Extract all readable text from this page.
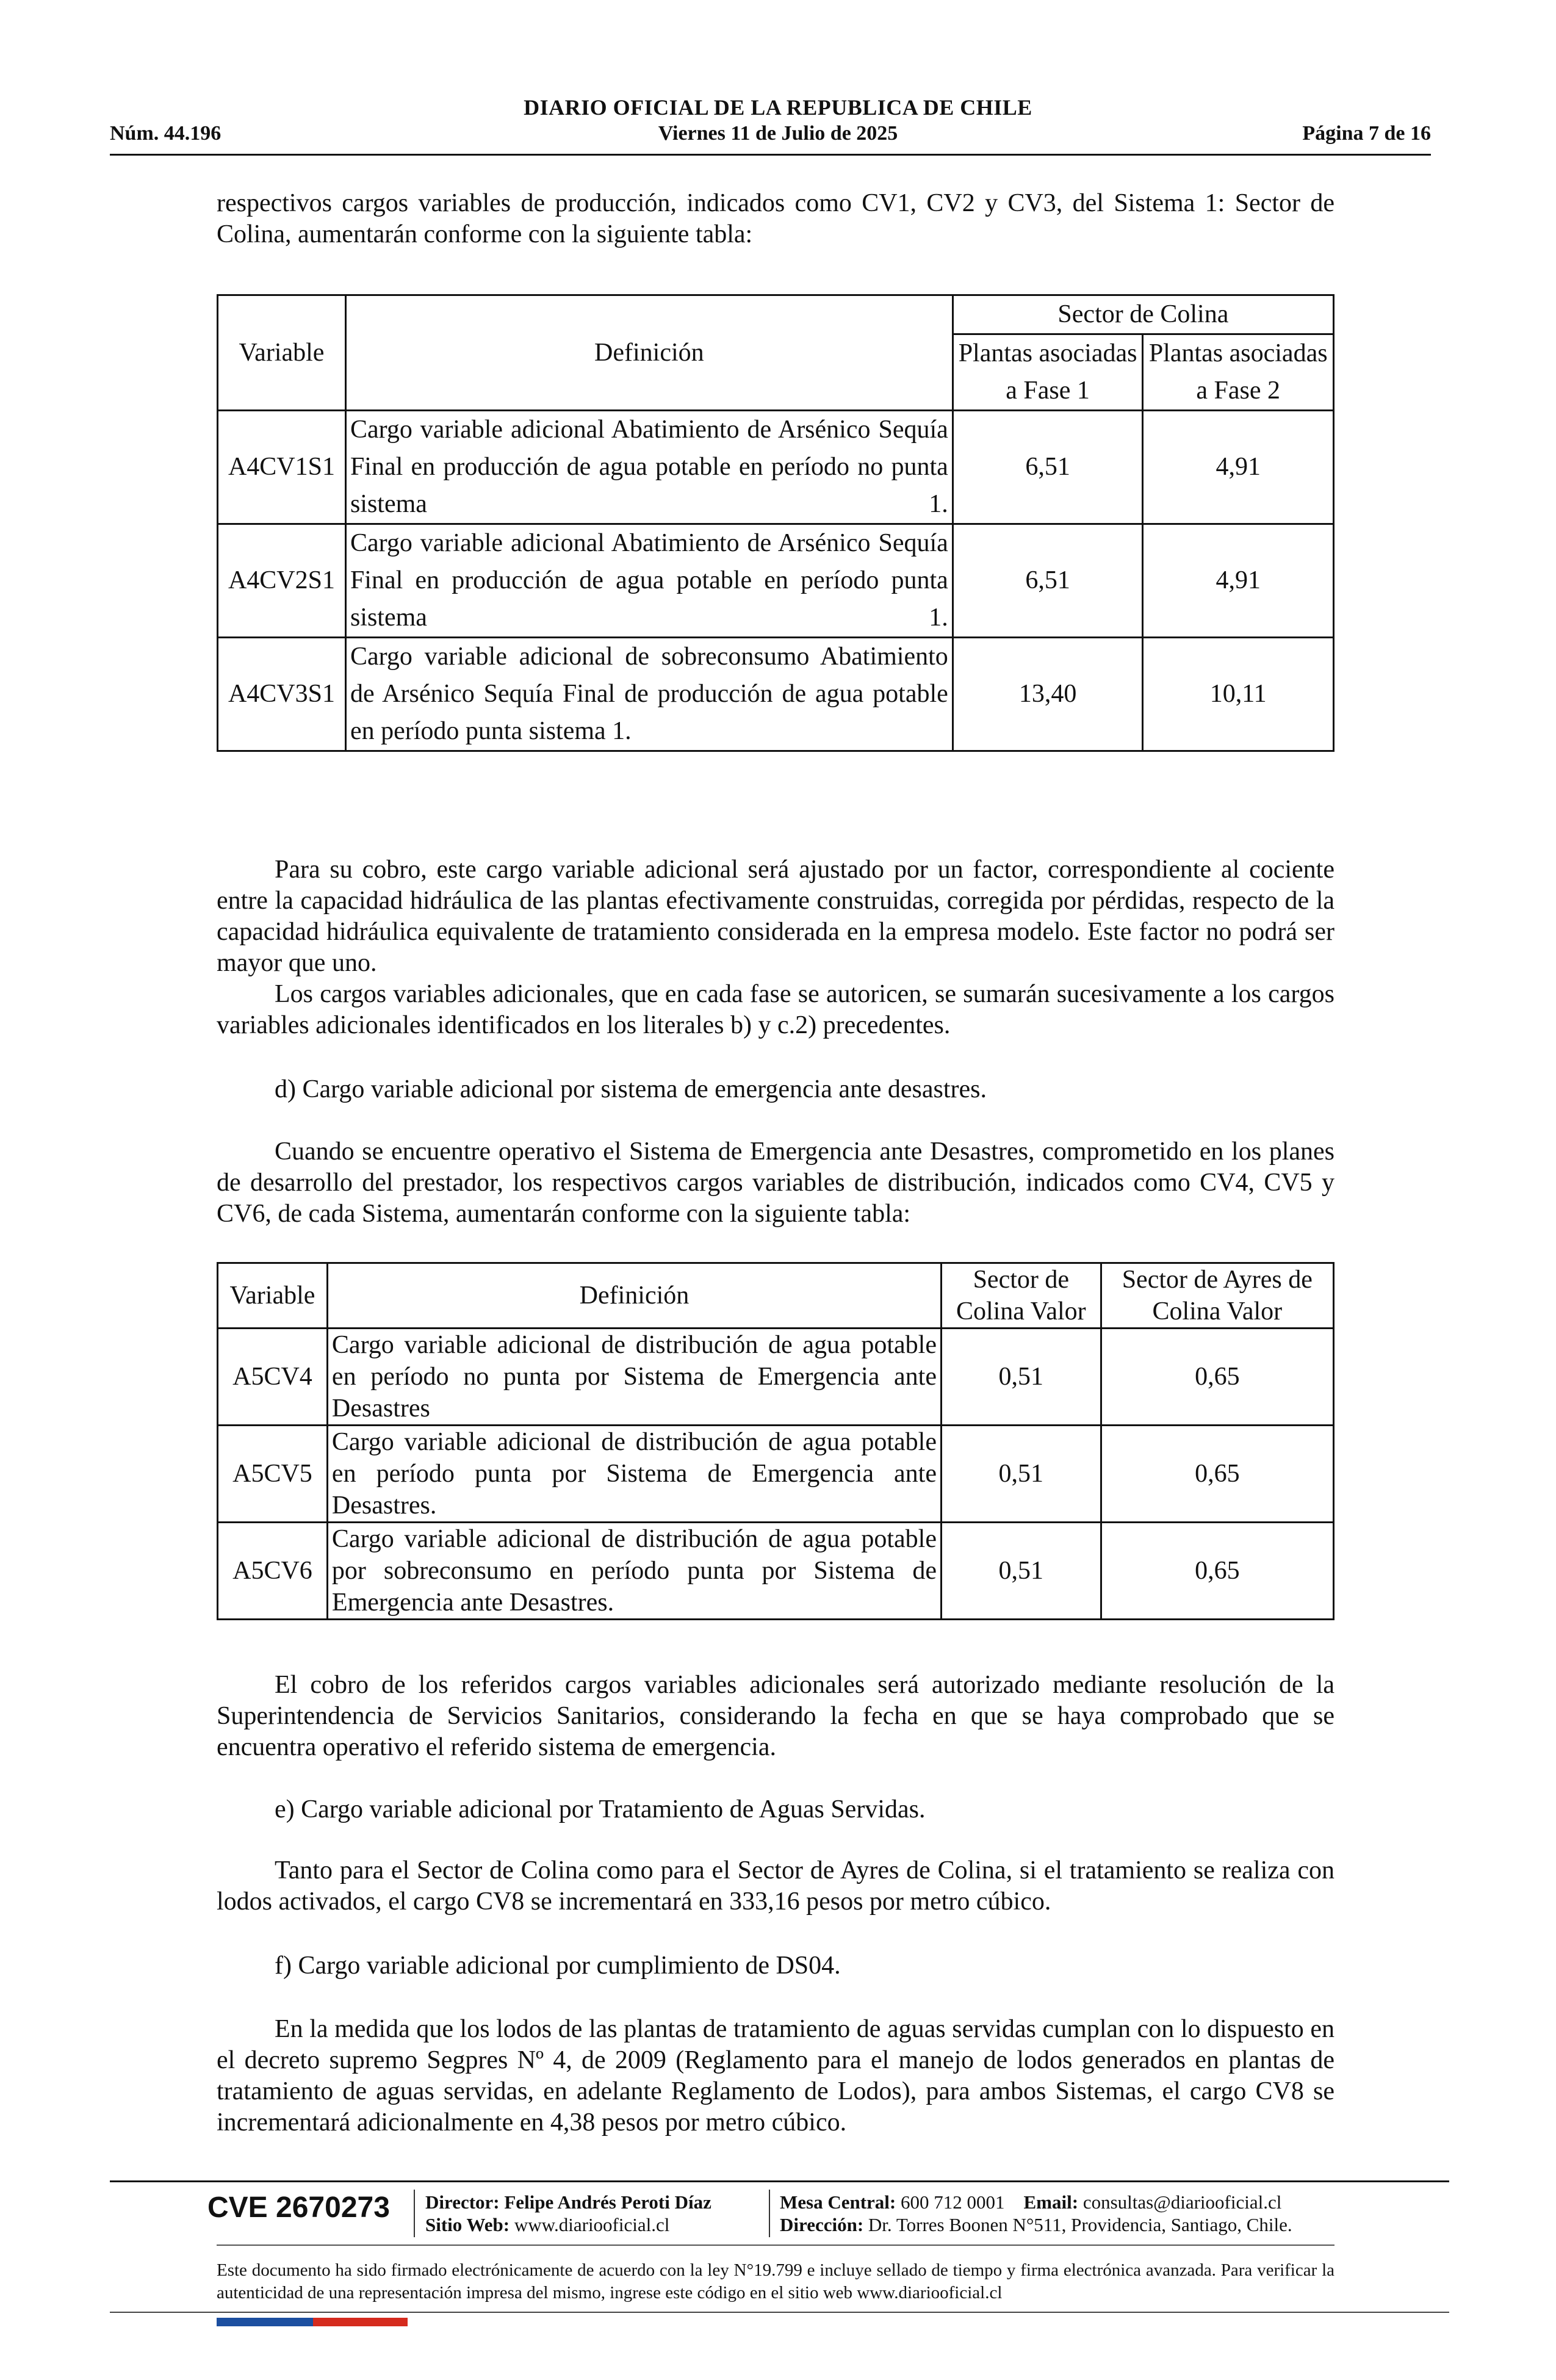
DIARIO OFICIAL DE LA REPUBLICA DE CHILE
Núm. 44.196	Viernes 11 de Julio de 2025	Página 7 de 16
respectivos cargos variables de producción, indicados como CV1, CV2 y CV3, del Sistema 1: Sector de Colina, aumentarán conforme con la siguiente tabla:
Variable	Definición	Sector de Colina	
		Plantas asociadas a Fase 1	Plantas asociadas a Fase 2
A4CV1S1	Cargo variable adicional Abatimiento de Arsénico Sequía Final en producción de agua potable en período no punta sistema 1.	6,51	4,91
A4CV2S1	Cargo variable adicional Abatimiento de Arsénico Sequía Final en producción de agua potable en período punta sistema 1.	6,51	4,91
A4CV3S1	Cargo variable adicional de sobreconsumo Abatimiento de Arsénico Sequía Final de producción de agua potable en período punta sistema 1.	13,40	10,11
Para su cobro, este cargo variable adicional será ajustado por un factor, correspondiente al cociente entre la capacidad hidráulica de las plantas efectivamente construidas, corregida por pérdidas, respecto de la capacidad hidráulica equivalente de tratamiento considerada en la empresa modelo. Este factor no podrá ser mayor que uno.
Los cargos variables adicionales, que en cada fase se autoricen, se sumarán sucesivamente a los cargos variables adicionales identificados en los literales b) y c.2) precedentes.
d) Cargo variable adicional por sistema de emergencia ante desastres.
Cuando se encuentre operativo el Sistema de Emergencia ante Desastres, comprometido en los planes de desarrollo del prestador, los respectivos cargos variables de distribución, indicados como CV4, CV5 y CV6, de cada Sistema, aumentarán conforme con la siguiente tabla:
Variable	Definición	Sector de Colina Valor	Sector de Ayres de Colina Valor
A5CV4	Cargo variable adicional de distribución de agua potable en período no punta por Sistema de Emergencia ante Desastres	0,51	0,65
A5CV5	Cargo variable adicional de distribución de agua potable en período punta por Sistema de Emergencia ante Desastres.	0,51	0,65
A5CV6	Cargo variable adicional de distribución de agua potable por sobreconsumo en período punta por Sistema de Emergencia ante Desastres.	0,51	0,65
El cobro de los referidos cargos variables adicionales será autorizado mediante resolución de la Superintendencia de Servicios Sanitarios, considerando la fecha en que se haya comprobado que se encuentra operativo el referido sistema de emergencia.
e) Cargo variable adicional por Tratamiento de Aguas Servidas.
Tanto para el Sector de Colina como para el Sector de Ayres de Colina, si el tratamiento se realiza con lodos activados, el cargo CV8 se incrementará en 333,16 pesos por metro cúbico.
f) Cargo variable adicional por cumplimiento de DS04.
En la medida que los lodos de las plantas de tratamiento de aguas servidas cumplan con lo dispuesto en el decreto supremo Segpres Nº 4, de 2009 (Reglamento para el manejo de lodos generados en plantas de tratamiento de aguas servidas, en adelante Reglamento de Lodos), para ambos Sistemas, el cargo CV8 se incrementará adicionalmente en 4,38 pesos por metro cúbico.
CVE 2670273 Director: Felipe Andrés Peroti Díaz
Sitio Web: www.diariooficial.cl
Mesa Central: 600 712 0001 Email: consultas@diariooficial.cl
Dirección: Dr. Torres Boonen N°511, Providencia, Santiago, Chile.
Este documento ha sido firmado electrónicamente de acuerdo con la ley N°19.799 e incluye sellado de tiempo y firma electrónica avanzada. Para verificar la autenticidad de una representación impresa del mismo, ingrese este código en el sitio web www.diariooficial.cl
